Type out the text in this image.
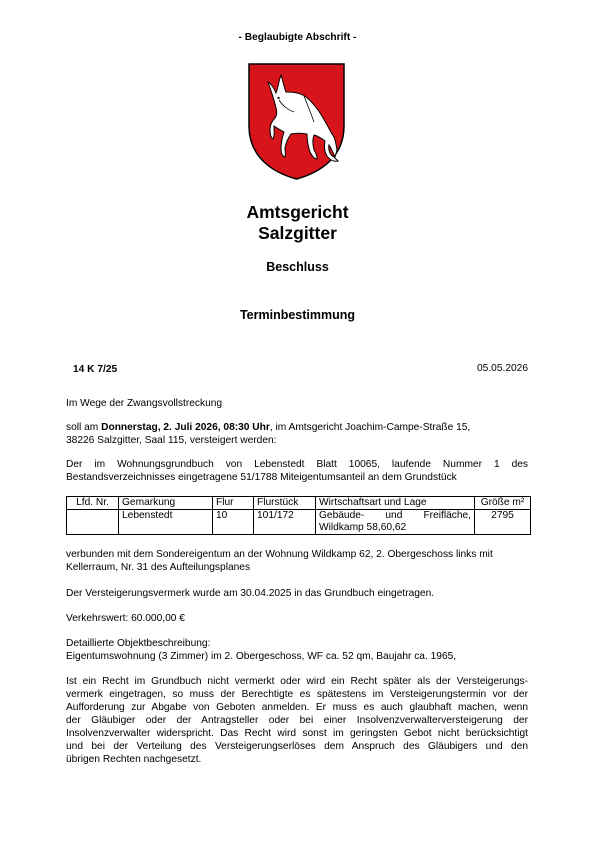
- Beglaubigte Abschrift -
Amtsgericht
Salzgitter
Beschluss
Terminbestimmung
14 K 7/25	05.05.2026

Im Wege der Zwangsvollstreckung

soll am Donnerstag, 2. Juli 2026, 08:30 Uhr, im Amtsgericht Joachim-Campe-Straße 15,
38226 Salzgitter, Saal 115, versteigert werden:

Der im Wohnungsgrundbuch von Lebenstedt Blatt 10065, laufende Nummer 1 des
Bestandsverzeichnisses eingetragene 51/1788 Miteigentumsanteil an dem Grundstück
Lfd. Nr.	Gemarkung	Flur	Flurstück	Wirtschaftsart und Lage	Größe m²
	Lebenstedt	10	101/172	Gebäude- und Freifläche,
Wildkamp 58,60,62	2795
verbunden mit dem Sondereigentum an der Wohnung Wildkamp 62, 2. Obergeschoss links mit
Kellerraum, Nr. 31 des Aufteilungsplanes

Der Versteigerungsvermerk wurde am 30.04.2025 in das Grundbuch eingetragen.

Verkehrswert: 60.000,00 €

Detaillierte Objektbeschreibung:
Eigentumswohnung (3 Zimmer) im 2. Obergeschoss, WF ca. 52 qm, Baujahr ca. 1965,
Ist ein Recht im Grundbuch nicht vermerkt oder wird ein Recht später als der Versteigerungs-
vermerk eingetragen, so muss der Berechtigte es spätestens im Versteigerungstermin vor der
Aufforderung zur Abgabe von Geboten anmelden. Er muss es auch glaubhaft machen, wenn
der Gläubiger oder der Antragsteller oder bei einer Insolvenzverwalterversteigerung der
Insolvenzverwalter widerspricht. Das Recht wird sonst im geringsten Gebot nicht berücksichtigt
und bei der Verteilung des Versteigerungserlöses dem Anspruch des Gläubigers und den
übrigen Rechten nachgesetzt.
